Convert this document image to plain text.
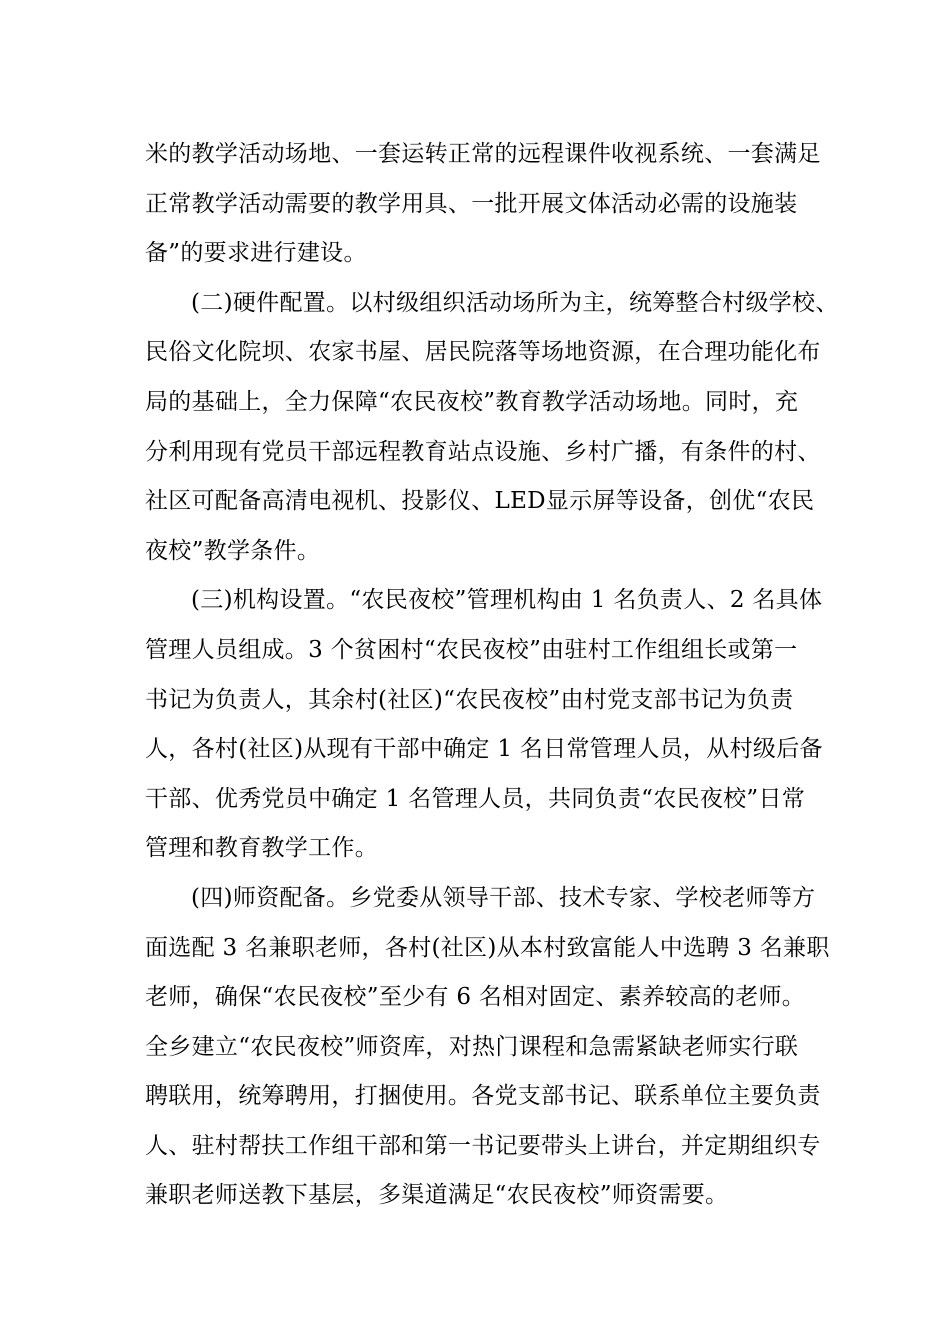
米的教学活动场地、一套运转正常的远程课件收视系统、一套满足
正常教学活动需要的教学用具、一批开展文体活动必需的设施装
备”的要求进行建设。
(二)硬件配置。以村级组织活动场所为主，统筹整合村级学校、
民俗文化院坝、农家书屋、居民院落等场地资源，在合理功能化布
局的基础上，全力保障“农民夜校”教育教学活动场地。同时，充
分利用现有党员干部远程教育站点设施、乡村广播，有条件的村、
社区可配备高清电视机、投影仪、LED显示屏等设备，创优“农民
夜校”教学条件。
(三)机构设置。“农民夜校”管理机构由 1 名负责人、2 名具体
管理人员组成。3 个贫困村“农民夜校”由驻村工作组组长或第一
书记为负责人，其余村(社区)“农民夜校”由村党支部书记为负责
人，各村(社区)从现有干部中确定 1 名日常管理人员，从村级后备
干部、优秀党员中确定 1 名管理人员，共同负责“农民夜校”日常
管理和教育教学工作。
(四)师资配备。乡党委从领导干部、技术专家、学校老师等方
面选配 3 名兼职老师，各村(社区)从本村致富能人中选聘 3 名兼职
老师，确保“农民夜校”至少有 6 名相对固定、素养较高的老师。
全乡建立“农民夜校”师资库，对热门课程和急需紧缺老师实行联
聘联用，统筹聘用，打捆使用。各党支部书记、联系单位主要负责
人、驻村帮扶工作组干部和第一书记要带头上讲台，并定期组织专
兼职老师送教下基层，多渠道满足“农民夜校”师资需要。
